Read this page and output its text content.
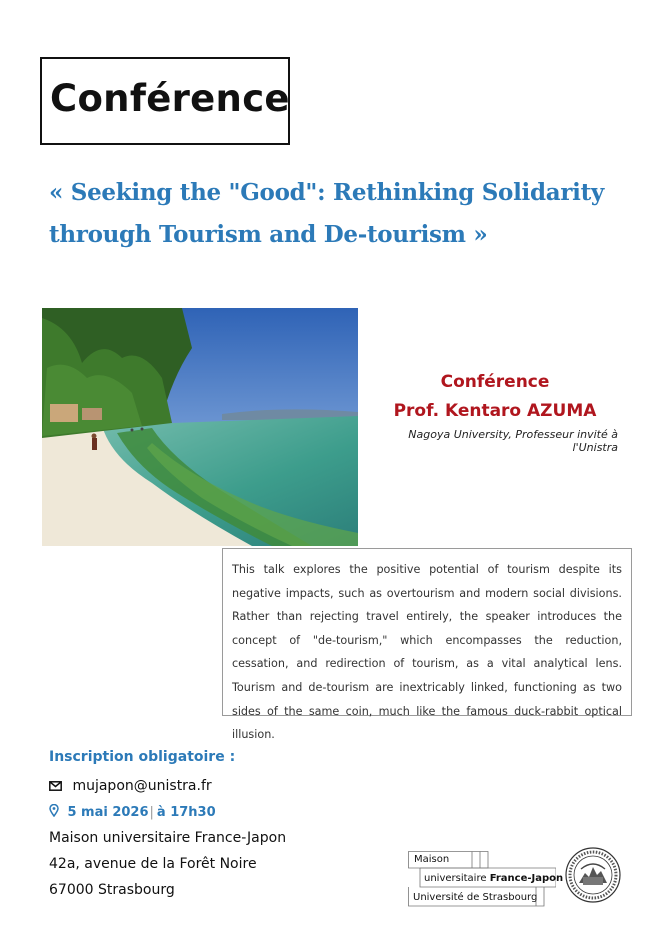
Conférence
« Seeking the "Good": Rethinking Solidarity
through Tourism and De-tourism »
Conférence
Prof. Kentaro AZUMA
Nagoya University, Professeur invité à l'Unistra

This talk explores the positive potential of tourism despite its negative impacts, such as overtourism and modern social divisions. Rather than rejecting travel entirely, the speaker introduces the concept of "de-tourism," which encompasses the reduction, cessation, and redirection of tourism, as a vital analytical lens. Tourism and de-tourism are inextricably linked, functioning as two sides of the same coin, much like the famous duck-rabbit optical illusion.

Inscription obligatoire :
mujapon@unistra.fr
5 mai 2026| à 17h30
Maison universitaire France-Japon
42a, avenue de la Forêt Noire
67000 Strasbourg
Maison
universitaire France-Japon
Université de Strasbourg
